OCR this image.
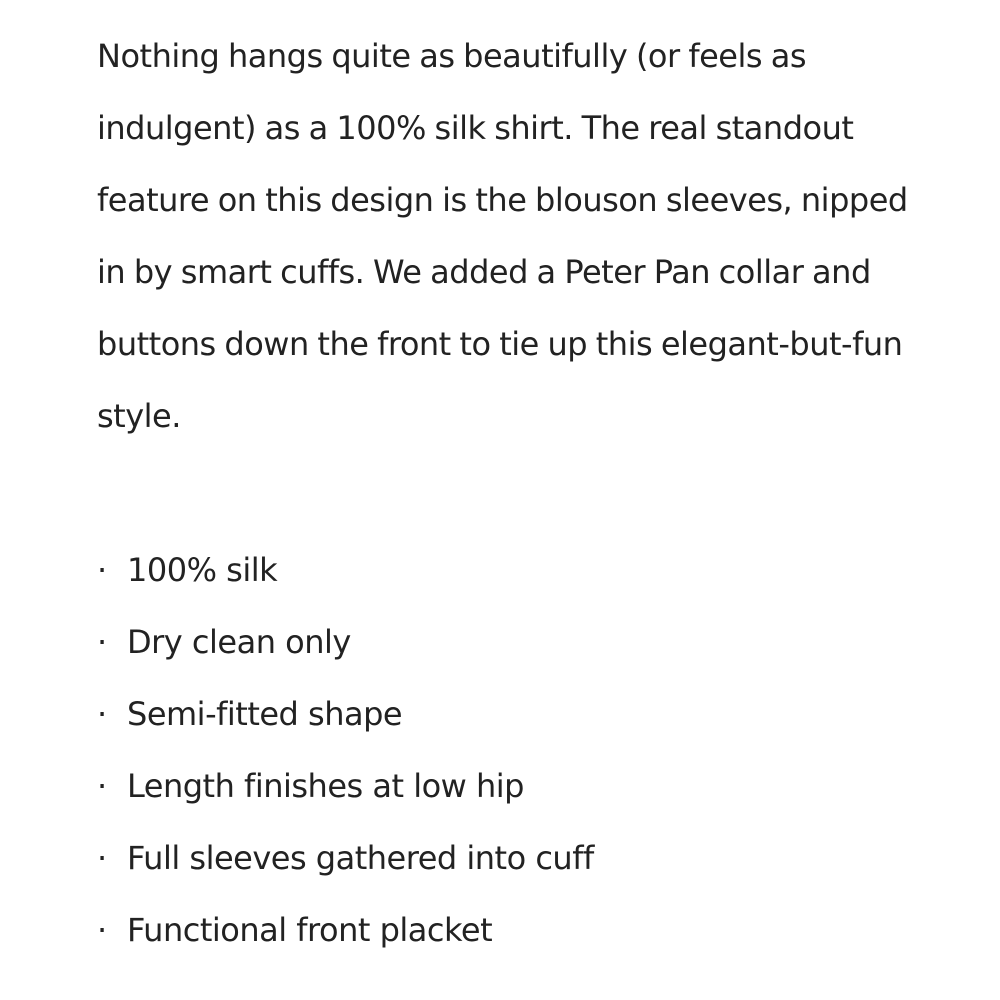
Nothing hangs quite as beautifully (or feels as indulgent) as a 100% silk shirt. The real standout feature on this design is the blouson sleeves, nipped in by smart cuffs. We added a Peter Pan collar and buttons down the front to tie up this elegant-but-fun style.

· 100% silk
· Dry clean only
· Semi-fitted shape
· Length finishes at low hip
· Full sleeves gathered into cuff
· Functional front placket
